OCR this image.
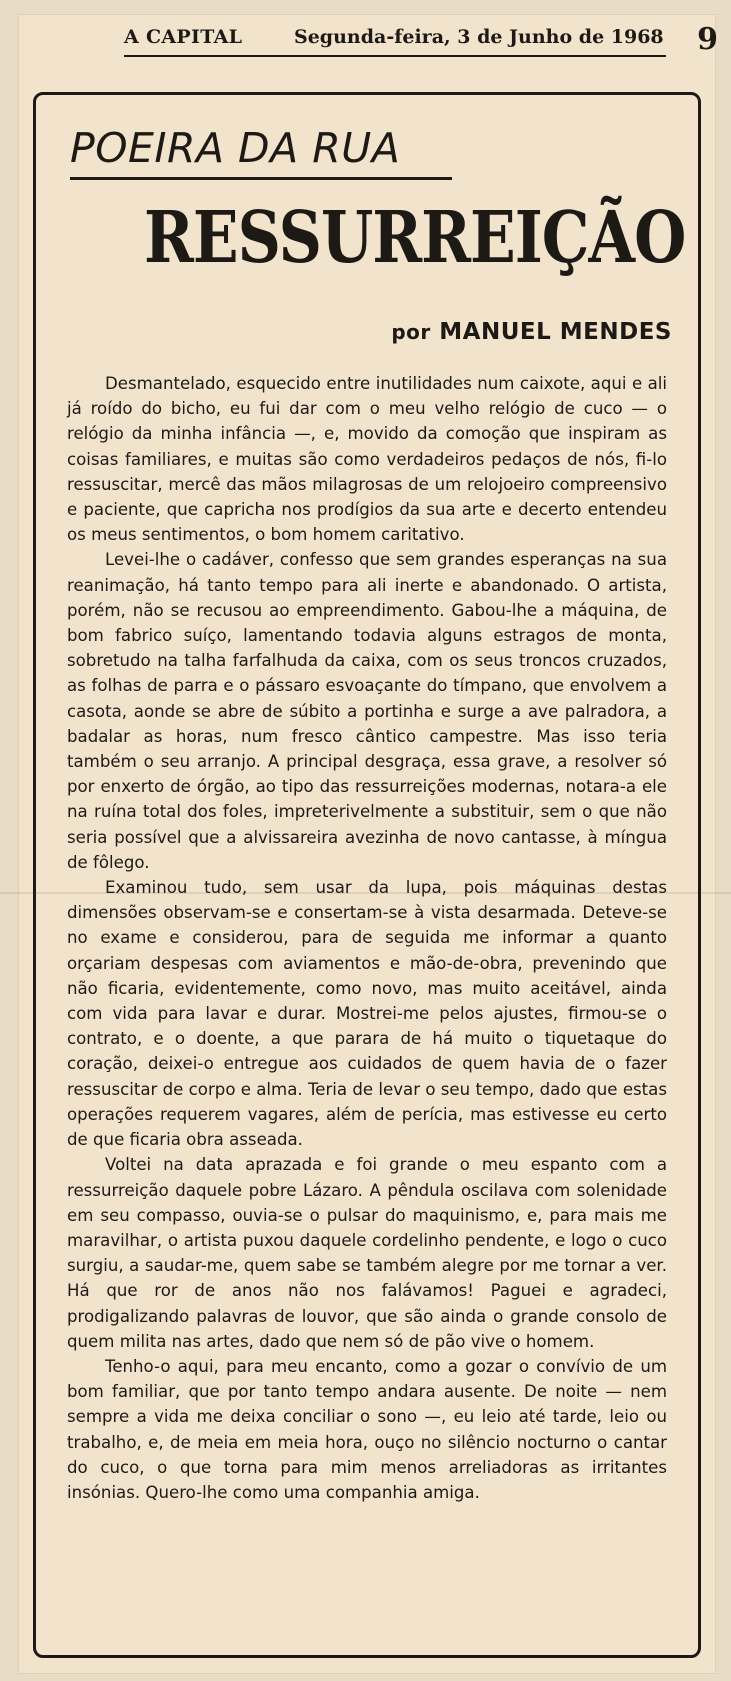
A CAPITAL	Segunda-feira, 3 de Junho de 1968 9
POEIRA DA RUA
RESSURREIÇÃO
por MANUEL MENDES

Desmantelado, esquecido entre inutilidades num caixote, aqui e ali já roído do bicho, eu fui dar com o meu velho relógio de cuco — o relógio da minha infância —, e, movido da comoção que inspiram as coisas familiares, e muitas são como verdadeiros pedaços de nós, fi-lo ressuscitar, mercê das mãos milagrosas de um relojoeiro compreensivo e paciente, que capricha nos prodígios da sua arte e decerto entendeu os meus sentimentos, o bom homem caritativo.

Levei-lhe o cadáver, confesso que sem grandes esperanças na sua reanimação, há tanto tempo para ali inerte e abandonado. O artista, porém, não se recusou ao empreendimento. Gabou-lhe a máquina, de bom fabrico suíço, lamentando todavia alguns estragos de monta, sobretudo na talha farfalhuda da caixa, com os seus troncos cruzados, as folhas de parra e o pássaro esvoaçante do tímpano, que envolvem a casota, aonde se abre de súbito a portinha e surge a ave palradora, a badalar as horas, num fresco cântico campestre. Mas isso teria também o seu arranjo. A principal desgraça, essa grave, a resolver só por enxerto de órgão, ao tipo das ressurreições modernas, notara-a ele na ruína total dos foles, impreterivelmente a substituir, sem o que não seria possível que a alvissareira avezinha de novo cantasse, à míngua de fôlego.

Examinou tudo, sem usar da lupa, pois máquinas destas dimensões observam-se e consertam-se à vista desarmada. Deteve-se no exame e considerou, para de seguida me informar a quanto orçariam despesas com aviamentos e mão-de-obra, prevenindo que não ficaria, evidentemente, como novo, mas muito aceitável, ainda com vida para lavar e durar. Mostrei-me pelos ajustes, firmou-se o contrato, e o doente, a que parara de há muito o tiquetaque do coração, deixei-o entregue aos cuidados de quem havia de o fazer ressuscitar de corpo e alma. Teria de levar o seu tempo, dado que estas operações requerem vagares, além de perícia, mas estivesse eu certo de que ficaria obra asseada.

Voltei na data aprazada e foi grande o meu espanto com a ressurreição daquele pobre Lázaro. A pêndula oscilava com solenidade em seu compasso, ouvia-se o pulsar do maquinismo, e, para mais me maravilhar, o artista puxou daquele cordelinho pendente, e logo o cuco surgiu, a saudar-me, quem sabe se também alegre por me tornar a ver. Há que ror de anos não nos falávamos! Paguei e agradeci, prodigalizando palavras de louvor, que são ainda o grande consolo de quem milita nas artes, dado que nem só de pão vive o homem.

Tenho-o aqui, para meu encanto, como a gozar o convívio de um bom familiar, que por tanto tempo andara ausente. De noite — nem sempre a vida me deixa conciliar o sono —, eu leio até tarde, leio ou trabalho, e, de meia em meia hora, ouço no silêncio nocturno o cantar do cuco, o que torna para mim menos arreliadoras as irritantes insónias. Quero-lhe como uma companhia amiga.
